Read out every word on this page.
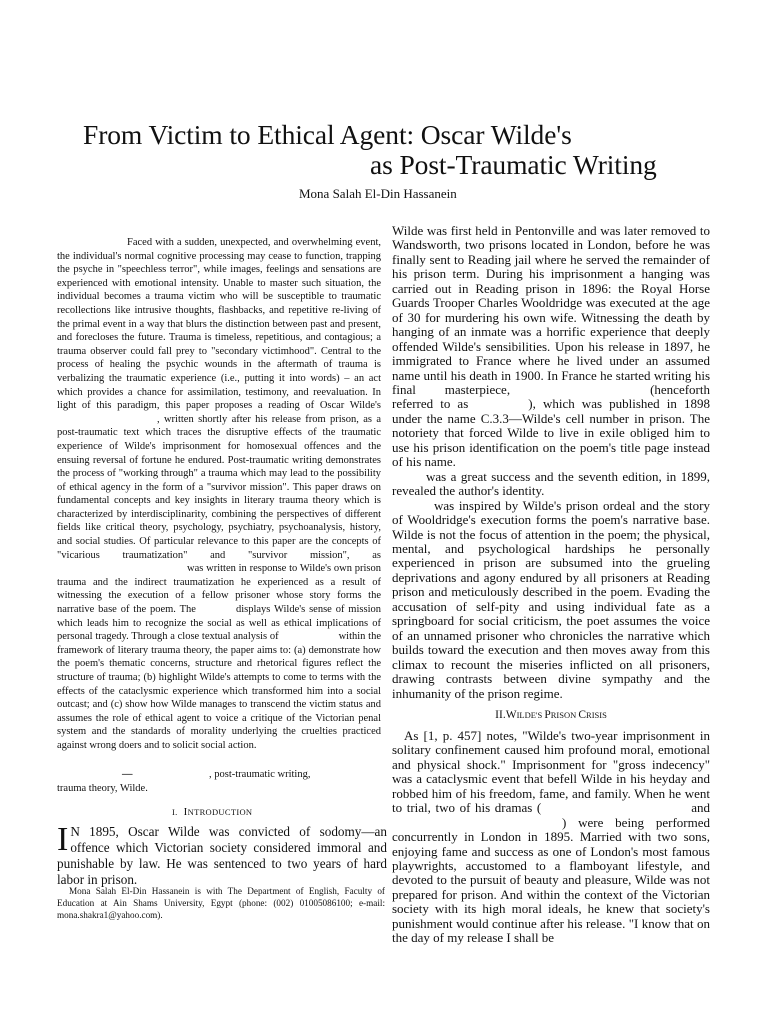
From Victim to Ethical Agent: Oscar Wilde's
as Post-Traumatic Writing
Mona Salah El-Din Hassanein

Faced with a sudden, unexpected, and overwhelming event, the individual's normal cognitive processing may cease to function, trapping the psyche in "speechless terror", while images, feelings and sensations are experienced with emotional intensity. Unable to master such situation, the individual becomes a trauma victim who will be susceptible to traumatic recollections like intrusive thoughts, flashbacks, and repetitive re-living of the primal event in a way that blurs the distinction between past and present, and forecloses the future. Trauma is timeless, repetitious, and contagious; a trauma observer could fall prey to "secondary victimhood". Central to the process of healing the psychic wounds in the aftermath of trauma is verbalizing the traumatic experience (i.e., putting it into words) – an act which provides a chance for assimilation, testimony, and reevaluation. In light of this paradigm, this paper proposes a reading of Oscar Wilde's, written shortly after his release from prison, as a post-traumatic text which traces the disruptive effects of the traumatic experience of Wilde's imprisonment for homosexual offences and the ensuing reversal of fortune he endured. Post-traumatic writing demonstrates the process of "working through" a trauma which may lead to the possibility of ethical agency in the form of a "survivor mission". This paper draws on fundamental concepts and key insights in literary trauma theory which is characterized by interdisciplinarity, combining the perspectives of different fields like critical theory, psychology, psychiatry, psychoanalysis, history, and social studies. Of particular relevance to this paper are the concepts of "vicarious traumatization" and "survivor mission", aswas written in response to Wilde's own prison trauma and the indirect traumatization he experienced as a result of witnessing the execution of a fellow prisoner whose story forms the narrative base of the poem. The	displays Wilde's sense of mission which leads him to recognize the social as well as ethical implications of personal tragedy. Through a close textual analysis of	within the framework of literary trauma theory, the paper aims to: (a) demonstrate how the poem's thematic concerns, structure and rhetorical figures reflect the structure of trauma; (b) highlight Wilde's attempts to come to terms with the effects of the cataclysmic experience which transformed him into a social outcast; and (c) show how Wilde manages to transcend the victim status and assumes the role of ethical agent to voice a critique of the Victorian penal system and the standards of morality underlying the cruelties practiced against wrong doers and to solicit social action.

—	, post-traumatic writing,
trauma theory, Wilde.
I. INTRODUCTION
I N 1895, Oscar Wilde was convicted of sodomy—an offence which Victorian society considered immoral and punishable by law. He was sentenced to two years of hard labor in prison.

Mona Salah El-Din Hassanein is with The Department of English, Faculty of Education at Ain Shams University, Egypt (phone: (002) 01005086100; e-mail: mona.shakra1@yahoo.com).

Wilde was first held in Pentonville and was later removed to Wandsworth, two prisons located in London, before he was finally sent to Reading jail where he served the remainder of his prison term. During his imprisonment a hanging was carried out in Reading prison in 1896: the Royal Horse Guards Trooper Charles Wooldridge was executed at the age of 30 for murdering his own wife. Witnessing the death by hanging of an inmate was a horrific experience that deeply offended Wilde's sensibilities. Upon his release in 1897, he immigrated to France where he lived under an assumed name until his death in 1900. In France he started writing his final masterpiece,	(henceforth referred to as	), which was published in 1898 under the name C.3.3—Wilde's cell number in prison. The notoriety that forced Wilde to live in exile obliged him to use his prison identification on the poem's title page instead of his name.

was a great success and the seventh edition, in 1899, revealed the author's identity.

was inspired by Wilde's prison ordeal and the story of Wooldridge's execution forms the poem's narrative base. Wilde is not the focus of attention in the poem; the physical, mental, and psychological hardships he personally experienced in prison are subsumed into the grueling deprivations and agony endured by all prisoners at Reading prison and meticulously described in the poem. Evading the accusation of self-pity and using individual fate as a springboard for social criticism, the poet assumes the voice of an unnamed prisoner who chronicles the narrative which builds toward the execution and then moves away from this climax to recount the miseries inflicted on all prisoners, drawing contrasts between divine sympathy and the inhumanity of the prison regime.

II.WILDE'S PRISON CRISIS

As [1, p. 457] notes, "Wilde's two-year imprisonment in solitary confinement caused him profound moral, emotional and physical shock." Imprisonment for "gross indecency" was a cataclysmic event that befell Wilde in his heyday and robbed him of his freedom, fame, and family. When he went to trial, two of his dramas (	and) were being performed concurrently in London in 1895. Married with two sons, enjoying fame and success as one of London's most famous playwrights, accustomed to a flamboyant lifestyle, and devoted to the pursuit of beauty and pleasure, Wilde was not prepared for prison. And within the context of the Victorian society with its high moral ideals, he knew that society's punishment would continue after his release. "I know that on the day of my release I shall be
